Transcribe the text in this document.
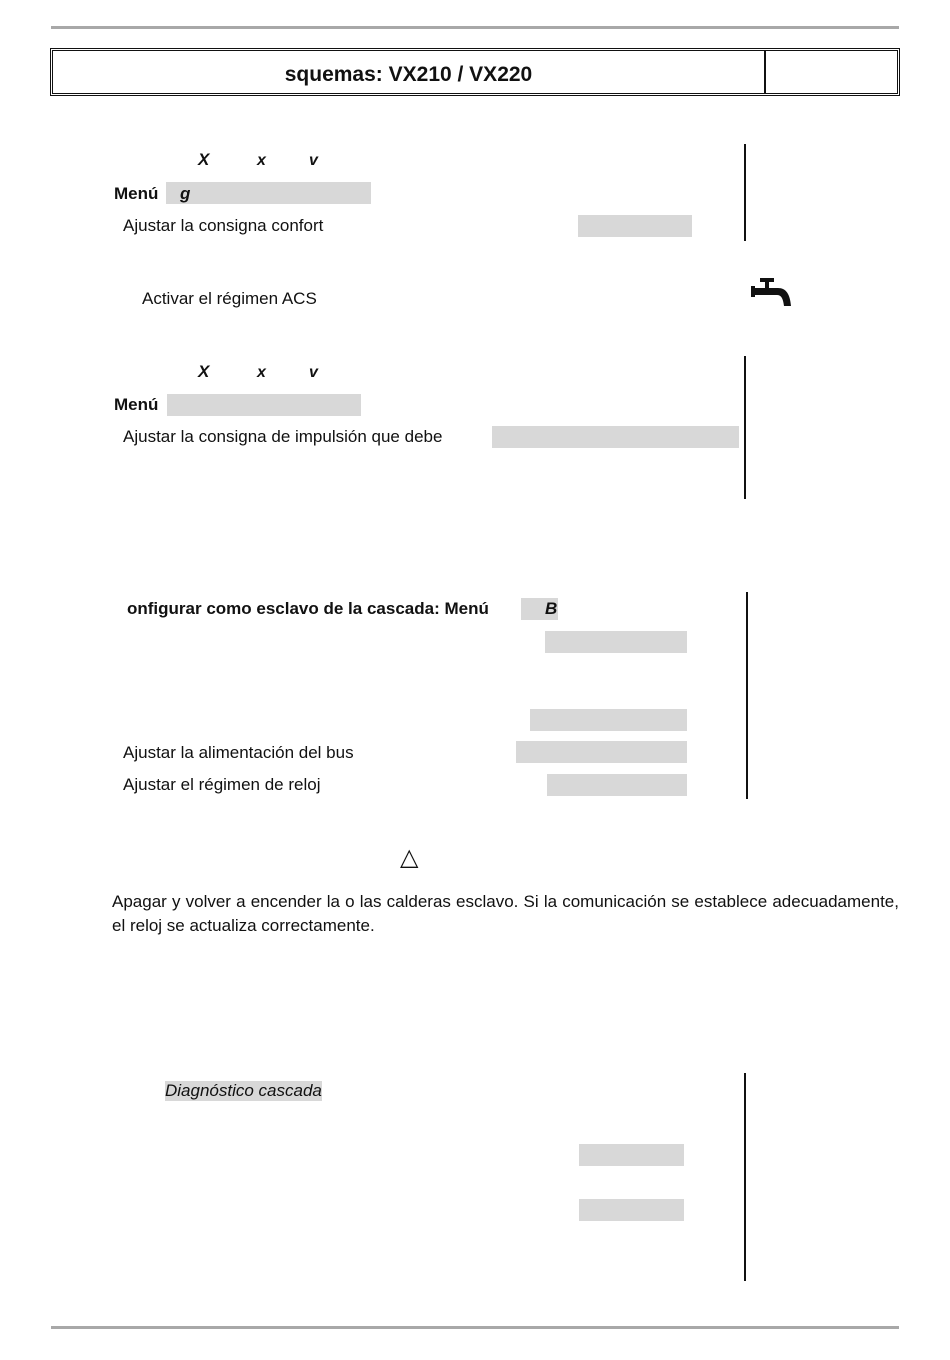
squemas: VX210 / VX220
X	x	v
Menú g
Ajustar la consigna confort
Activar el régimen ACS
X	x	v
Menú
Ajustar la consigna de impulsión que debe
onfigurar como esclavo de la cascada: Menú	B
Ajustar la alimentación del bus
Ajustar el régimen de reloj
△
Apagar y volver a encender la o las calderas esclavo. Si la comunicación se establece adecuadamente, el reloj se actualiza correctamente.
Diagnóstico cascada
